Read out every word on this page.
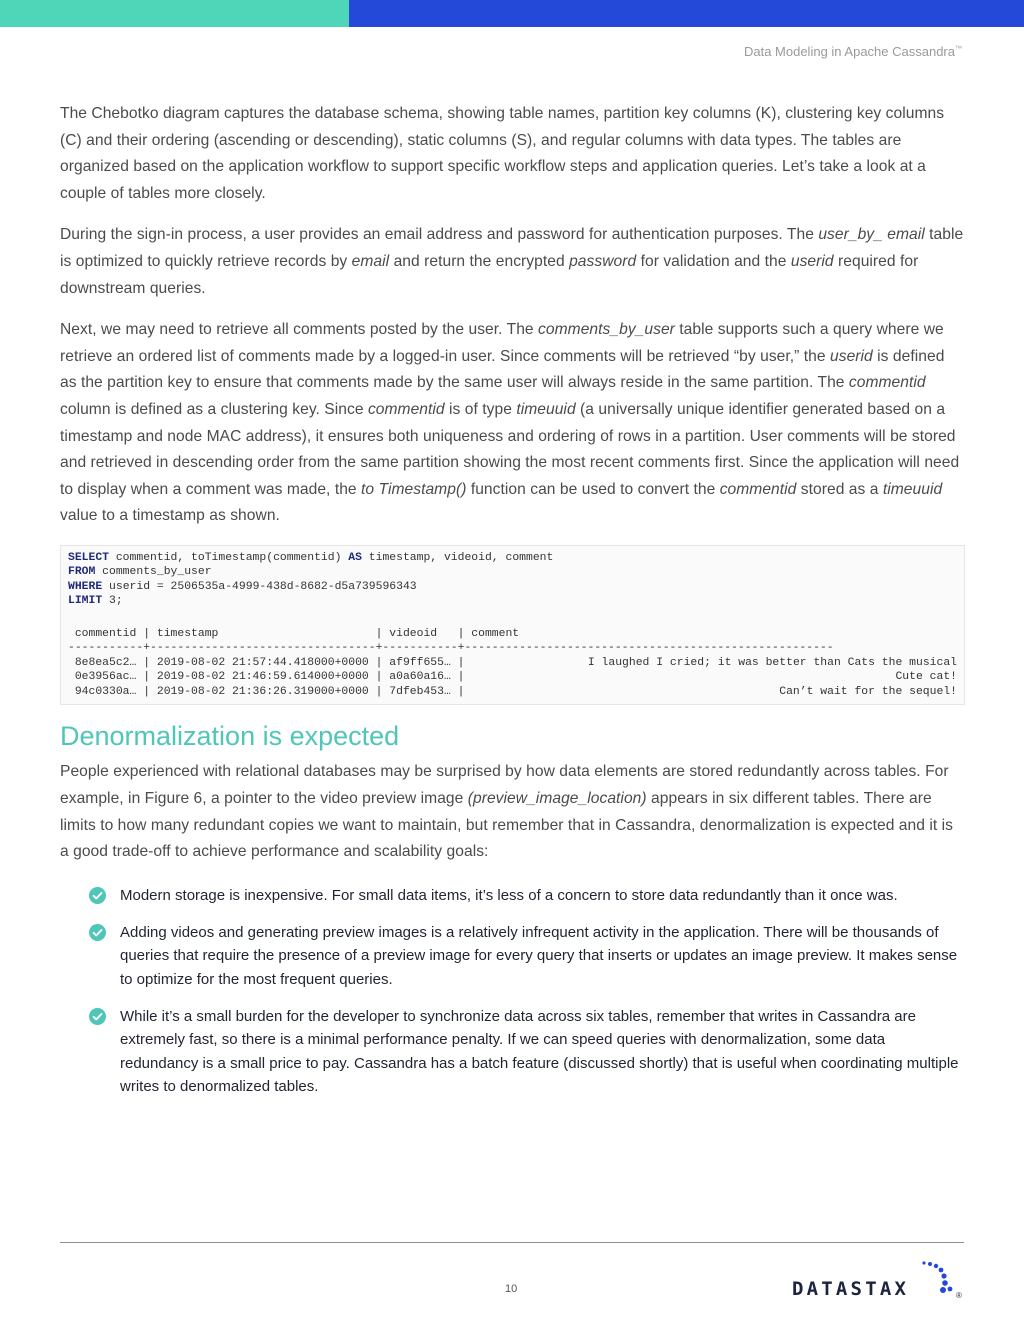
Data Modeling in Apache Cassandra™

The Chebotko diagram captures the database schema, showing table names, partition key columns (K), clustering key columns (C) and their ordering (ascending or descending), static columns (S), and regular columns with data types. The tables are organized based on the application workflow to support specific workflow steps and application queries. Let’s take a look at a couple of tables more closely.

During the sign-in process, a user provides an email address and password for authentication purposes. The user_by_ email table is optimized to quickly retrieve records by email and return the encrypted password for validation and the userid required for downstream queries.

Next, we may need to retrieve all comments posted by the user. The comments_by_user table supports such a query where we retrieve an ordered list of comments made by a logged-in user. Since comments will be retrieved “by user,” the userid is defined as the partition key to ensure that comments made by the same user will always reside in the same partition. The commentid column is defined as a clustering key. Since commentid is of type timeuuid (a universally unique identifier generated based on a timestamp and node MAC address), it ensures both uniqueness and ordering of rows in a partition. User comments will be stored and retrieved in descending order from the same partition showing the most recent comments first. Since the application will need to display when a comment was made, the to Timestamp() function can be used to convert the commentid stored as a timeuuid value to a timestamp as shown.

SELECT commentid, toTimestamp(commentid) AS timestamp, videoid, comment
FROM comments_by_user
WHERE userid = 2506535a-4999-438d-8682-d5a739596343
LIMIT 3;
commentid | timestamp                       | videoid   | comment	
-----------+---------------------------------+-----------+------------------------------------------------------	
8e8ea5c2… | 2019-08-02 21:57:44.418000+0000 | af9ff655… |	I laughed I cried; it was better than Cats the musical
0e3956ac… | 2019-08-02 21:46:59.614000+0000 | a0a60a16… |	Cute cat!
94c0330a… | 2019-08-02 21:36:26.319000+0000 | 7dfeb453… |	Can’t wait for the sequel!
Denormalization is expected

People experienced with relational databases may be surprised by how data elements are stored redundantly across tables. For example, in Figure 6, a pointer to the video preview image (preview_image_location) appears in six different tables. There are limits to how many redundant copies we want to maintain, but remember that in Cassandra, denormalization is expected and it is a good trade-off to achieve performance and scalability goals:

Modern storage is inexpensive. For small data items, it’s less of a concern to store data redundantly than it once was.
Adding videos and generating preview images is a relatively infrequent activity in the application. There will be thousands of queries that require the presence of a preview image for every query that inserts or updates an image preview. It makes sense to optimize for the most frequent queries.
While it’s a small burden for the developer to synchronize data across six tables, remember that writes in Cassandra are extremely fast, so there is a minimal performance penalty. If we can speed queries with denormalization, some data redundancy is a small price to pay. Cassandra has a batch feature (discussed shortly) that is useful when coordinating multiple writes to denormalized tables.
10	DATASTAX	®
